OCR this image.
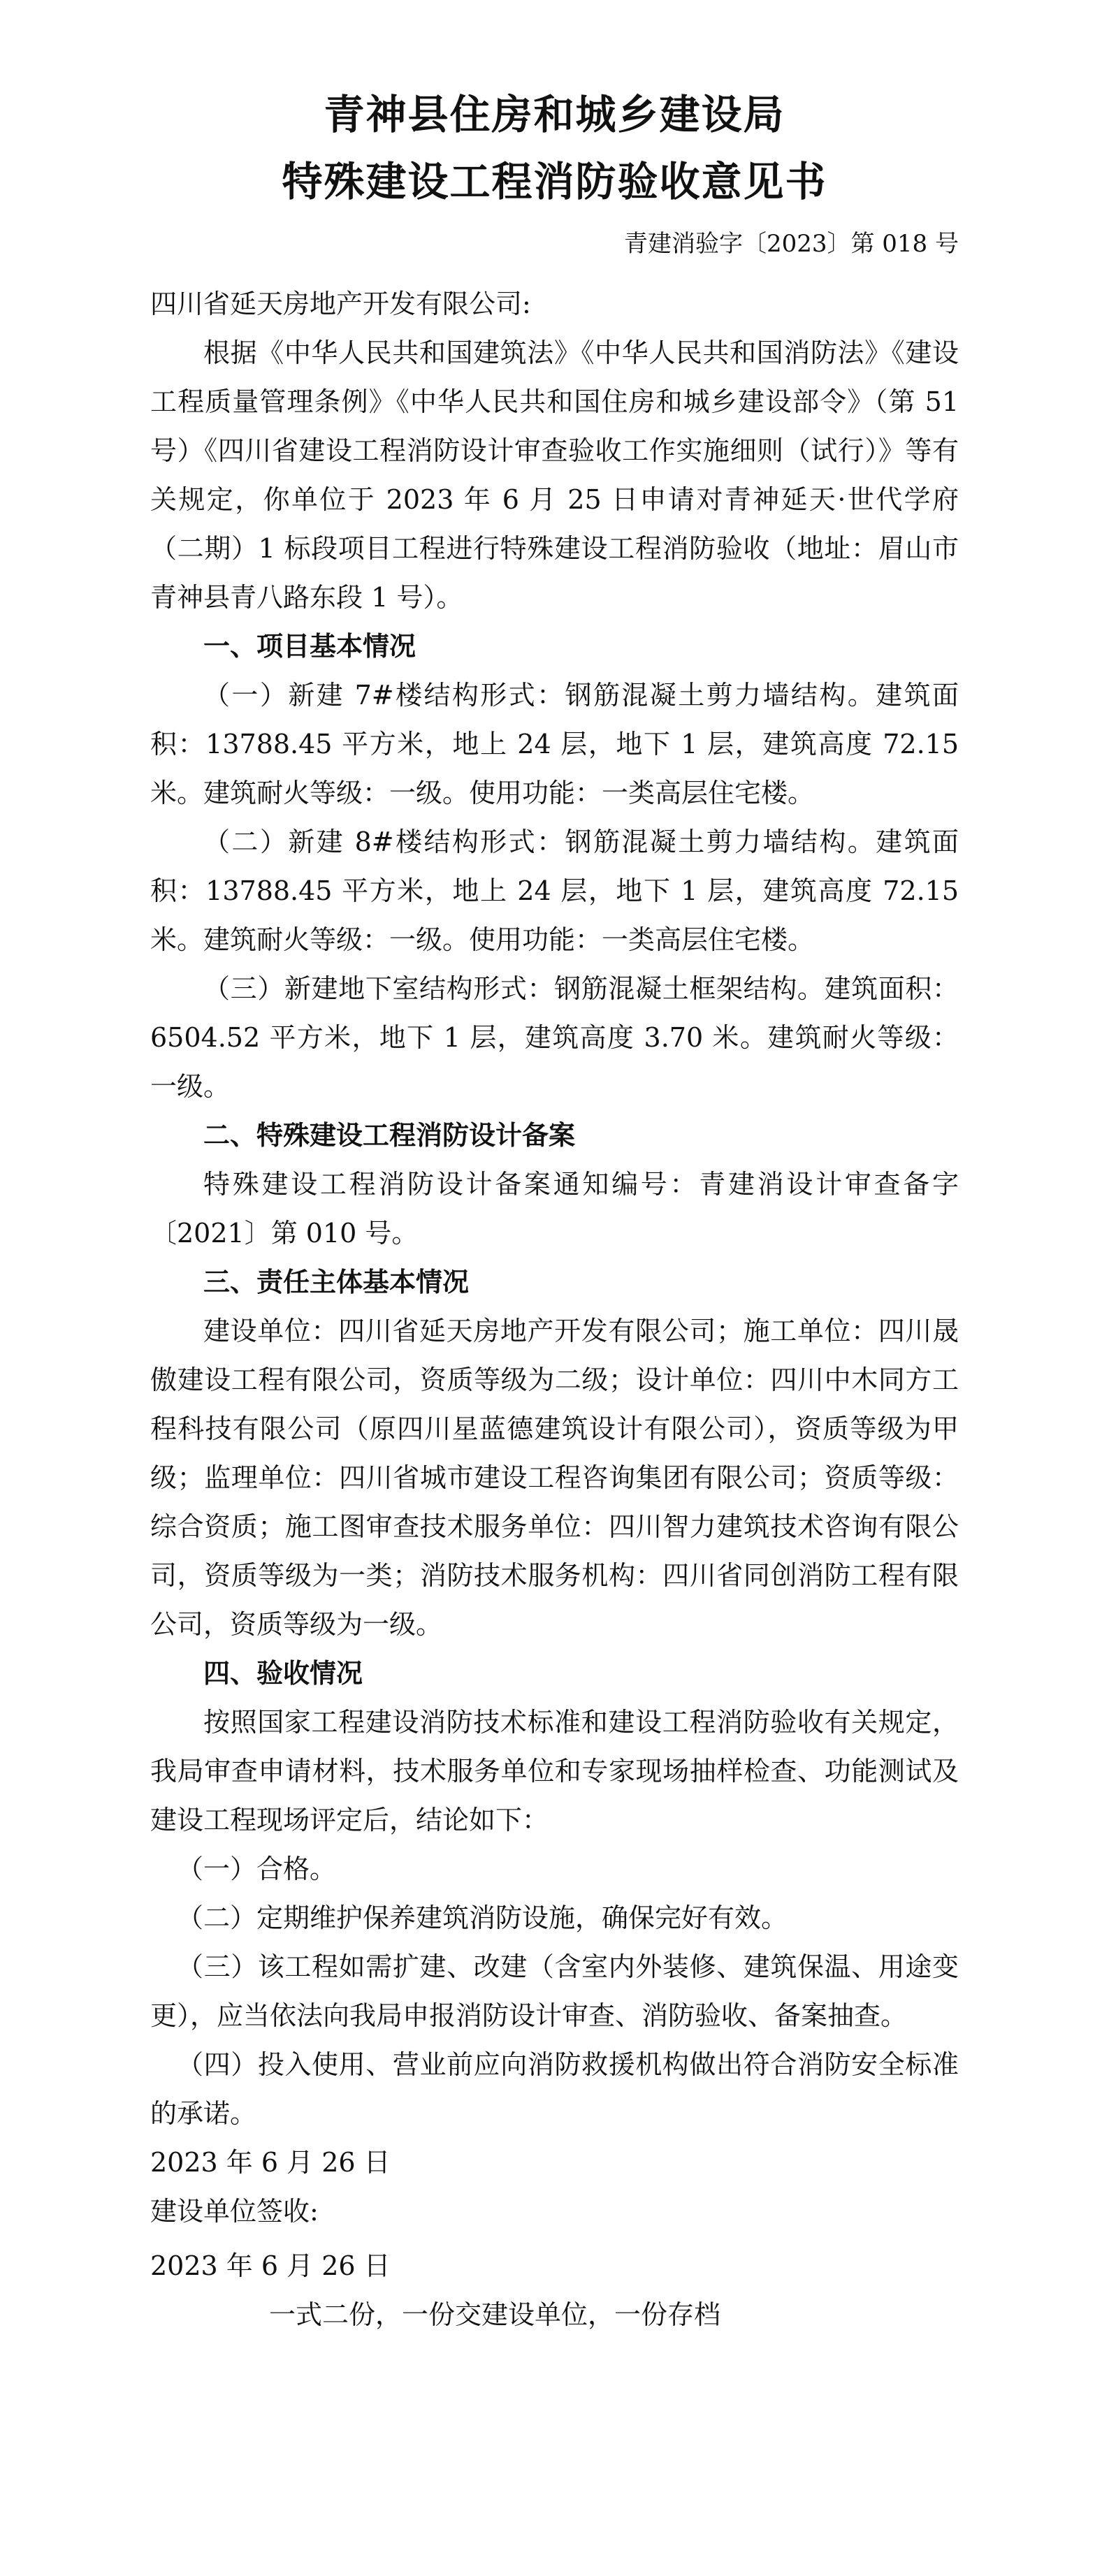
青神县住房和城乡建设局
特殊建设工程消防验收意见书
青建消验字〔2023〕第 018 号

四川省延天房地产开发有限公司:

根据《中华人民共和国建筑法》《中华人民共和国消防法》《建设工程质量管理条例》《中华人民共和国住房和城乡建设部令》（第 51 号）《四川省建设工程消防设计审查验收工作实施细则（试行）》等有关规定，你单位于 2023 年 6 月 25 日申请对青神延天·世代学府（二期）1 标段项目工程进行特殊建设工程消防验收（地址：眉山市青神县青八路东段 1 号）。

一、项目基本情况

（一）新建 7#楼结构形式：钢筋混凝土剪力墙结构。建筑面积：13788.45 平方米，地上 24 层，地下 1 层，建筑高度 72.15 米。建筑耐火等级：一级。使用功能：一类高层住宅楼。

（二）新建 8#楼结构形式：钢筋混凝土剪力墙结构。建筑面积：13788.45 平方米，地上 24 层，地下 1 层，建筑高度 72.15 米。建筑耐火等级：一级。使用功能：一类高层住宅楼。

（三）新建地下室结构形式：钢筋混凝土框架结构。建筑面积：6504.52 平方米，地下 1 层，建筑高度 3.70 米。建筑耐火等级：一级。

二、特殊建设工程消防设计备案

特殊建设工程消防设计备案通知编号：青建消设计审查备字〔2021〕第 010 号。

三、责任主体基本情况

建设单位：四川省延天房地产开发有限公司；施工单位：四川晟傲建设工程有限公司，资质等级为二级；设计单位：四川中木同方工程科技有限公司（原四川星蓝德建筑设计有限公司），资质等级为甲级；监理单位：四川省城市建设工程咨询集团有限公司；资质等级：综合资质；施工图审查技术服务单位：四川智力建筑技术咨询有限公司，资质等级为一类；消防技术服务机构：四川省同创消防工程有限公司，资质等级为一级。

四、验收情况

按照国家工程建设消防技术标准和建设工程消防验收有关规定，我局审查申请材料，技术服务单位和专家现场抽样检查、功能测试及建设工程现场评定后，结论如下：

（一）合格。

（二）定期维护保养建筑消防设施，确保完好有效。

（三）该工程如需扩建、改建（含室内外装修、建筑保温、用途变更），应当依法向我局申报消防设计审查、消防验收、备案抽查。

（四）投入使用、营业前应向消防救援机构做出符合消防安全标准的承诺。

2023 年 6 月 26 日

建设单位签收:

2023 年 6 月 26 日

一式二份，一份交建设单位，一份存档
